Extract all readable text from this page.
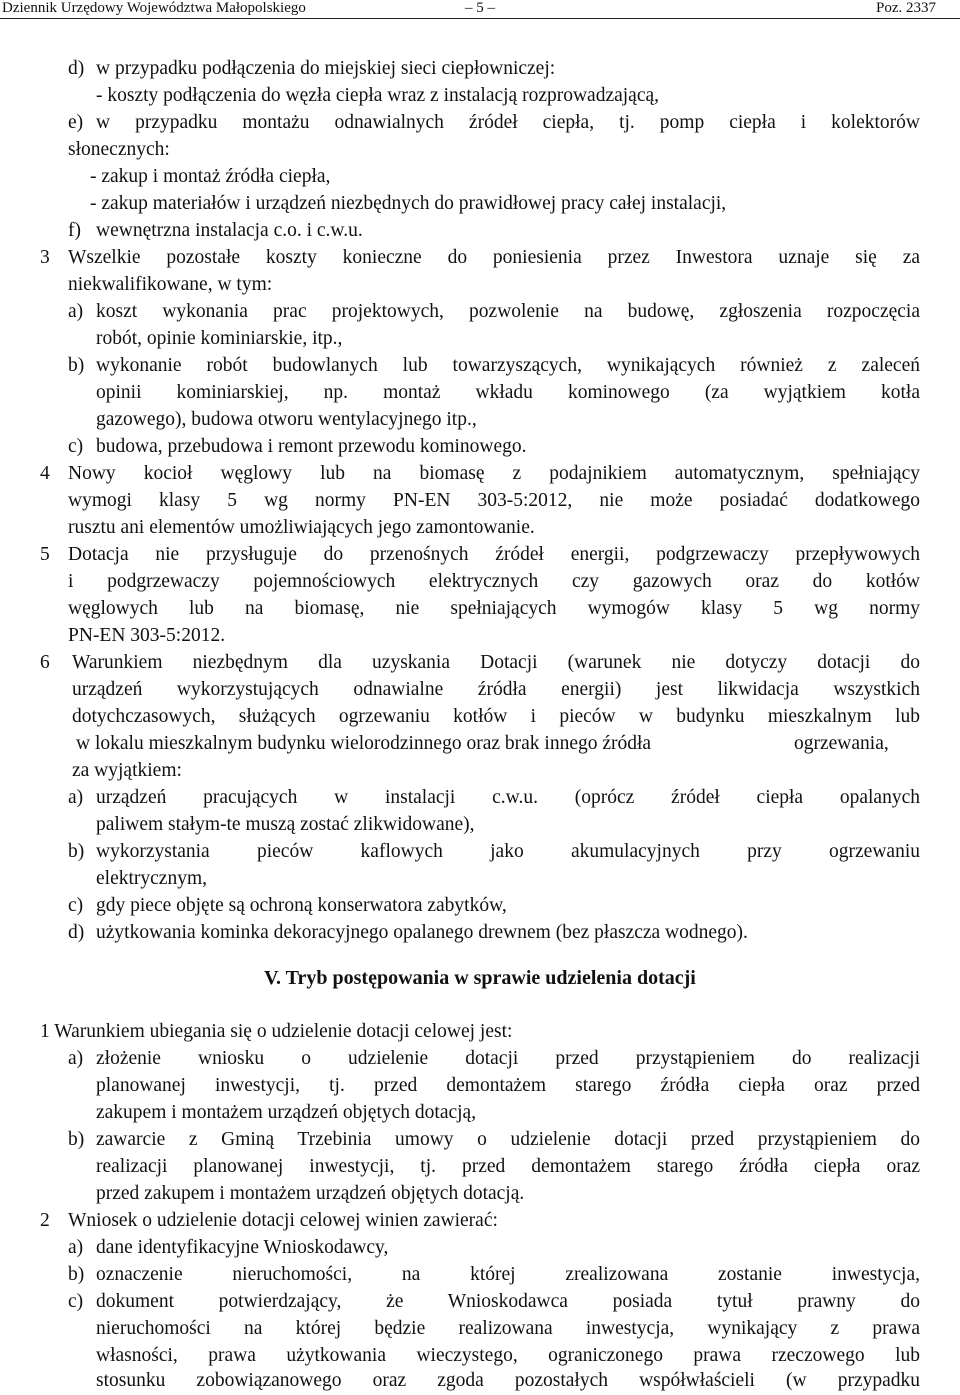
Dziennik Urzędowy Województwa Małopolskiego	– 5 –	Poz. 2337
d) w przypadku podłączenia do miejskiej sieci ciepłowniczej:
- koszty podłączenia do węzła ciepła wraz z instalacją rozprowadzającą,
e) w przypadku montażu odnawialnych źródeł ciepła, tj. pomp ciepła i kolektorów
słonecznych:
- zakup i montaż źródła ciepła,
- zakup materiałów i urządzeń niezbędnych do prawidłowej pracy całej instalacji,
f) wewnętrzna instalacja c.o. i c.w.u.
3 Wszelkie pozostałe koszty konieczne do poniesienia przez Inwestora uznaje się za
niekwalifikowane, w tym:
a) koszt wykonania prac projektowych, pozwolenie na budowę, zgłoszenia rozpoczęcia
robót, opinie kominiarskie, itp.,
b) wykonanie robót budowlanych lub towarzyszących, wynikających również z zaleceń
opinii kominiarskiej, np. montaż wkładu kominowego (za wyjątkiem kotła
gazowego), budowa otworu wentylacyjnego itp.,
c) budowa, przebudowa i remont przewodu kominowego.
4 Nowy kocioł węglowy lub na biomasę z podajnikiem automatycznym, spełniający
wymogi klasy 5 wg normy PN-EN 303-5:2012, nie może posiadać dodatkowego
rusztu ani elementów umożliwiających jego zamontowanie.
5 Dotacja nie przysługuje do przenośnych źródeł energii, podgrzewaczy przepływowych
i podgrzewaczy pojemnościowych elektrycznych czy gazowych oraz do kotłów
węglowych lub na biomasę, nie spełniających wymogów klasy 5 wg normy
PN-EN 303-5:2012.
6 Warunkiem niezbędnym dla uzyskania Dotacji (warunek nie dotyczy dotacji do
urządzeń wykorzystujących odnawialne źródła energii) jest likwidacja wszystkich
dotychczasowych, służących ogrzewaniu kotłów i pieców w budynku mieszkalnym lub
w lokalu mieszkalnym budynku wielorodzinnego oraz brak innego źródła	ogrzewania,
za wyjątkiem:
a) urządzeń pracujących w instalacji c.w.u. (oprócz źródeł ciepła opalanych
paliwem stałym-te muszą zostać zlikwidowane),
b) wykorzystania pieców kaflowych jako akumulacyjnych przy ogrzewaniu
elektrycznym,
c) gdy piece objęte są ochroną konserwatora zabytków,
d) użytkowania kominka dekoracyjnego opalanego drewnem (bez płaszcza wodnego).
V. Tryb postępowania w sprawie udzielenia dotacji
1 Warunkiem ubiegania się o udzielenie dotacji celowej jest:
a) złożenie wniosku o udzielenie dotacji przed przystąpieniem do realizacji
planowanej inwestycji, tj. przed demontażem starego źródła ciepła oraz przed
zakupem i montażem urządzeń objętych dotacją,
b) zawarcie z Gminą Trzebinia umowy o udzielenie dotacji przed przystąpieniem do
realizacji planowanej inwestycji, tj. przed demontażem starego źródła ciepła oraz
przed zakupem i montażem urządzeń objętych dotacją.
2 Wniosek o udzielenie dotacji celowej winien zawierać:
a) dane identyfikacyjne Wnioskodawcy,
b) oznaczenie nieruchomości, na której zrealizowana zostanie inwestycja,
c) dokument potwierdzający, że Wnioskodawca posiada tytuł prawny do
nieruchomości na której będzie realizowana inwestycja, wynikający z prawa
własności, prawa użytkowania wieczystego, ograniczonego prawa rzeczowego lub
stosunku zobowiązanowego oraz zgoda pozostałych współwłaścieli (w przypadku
